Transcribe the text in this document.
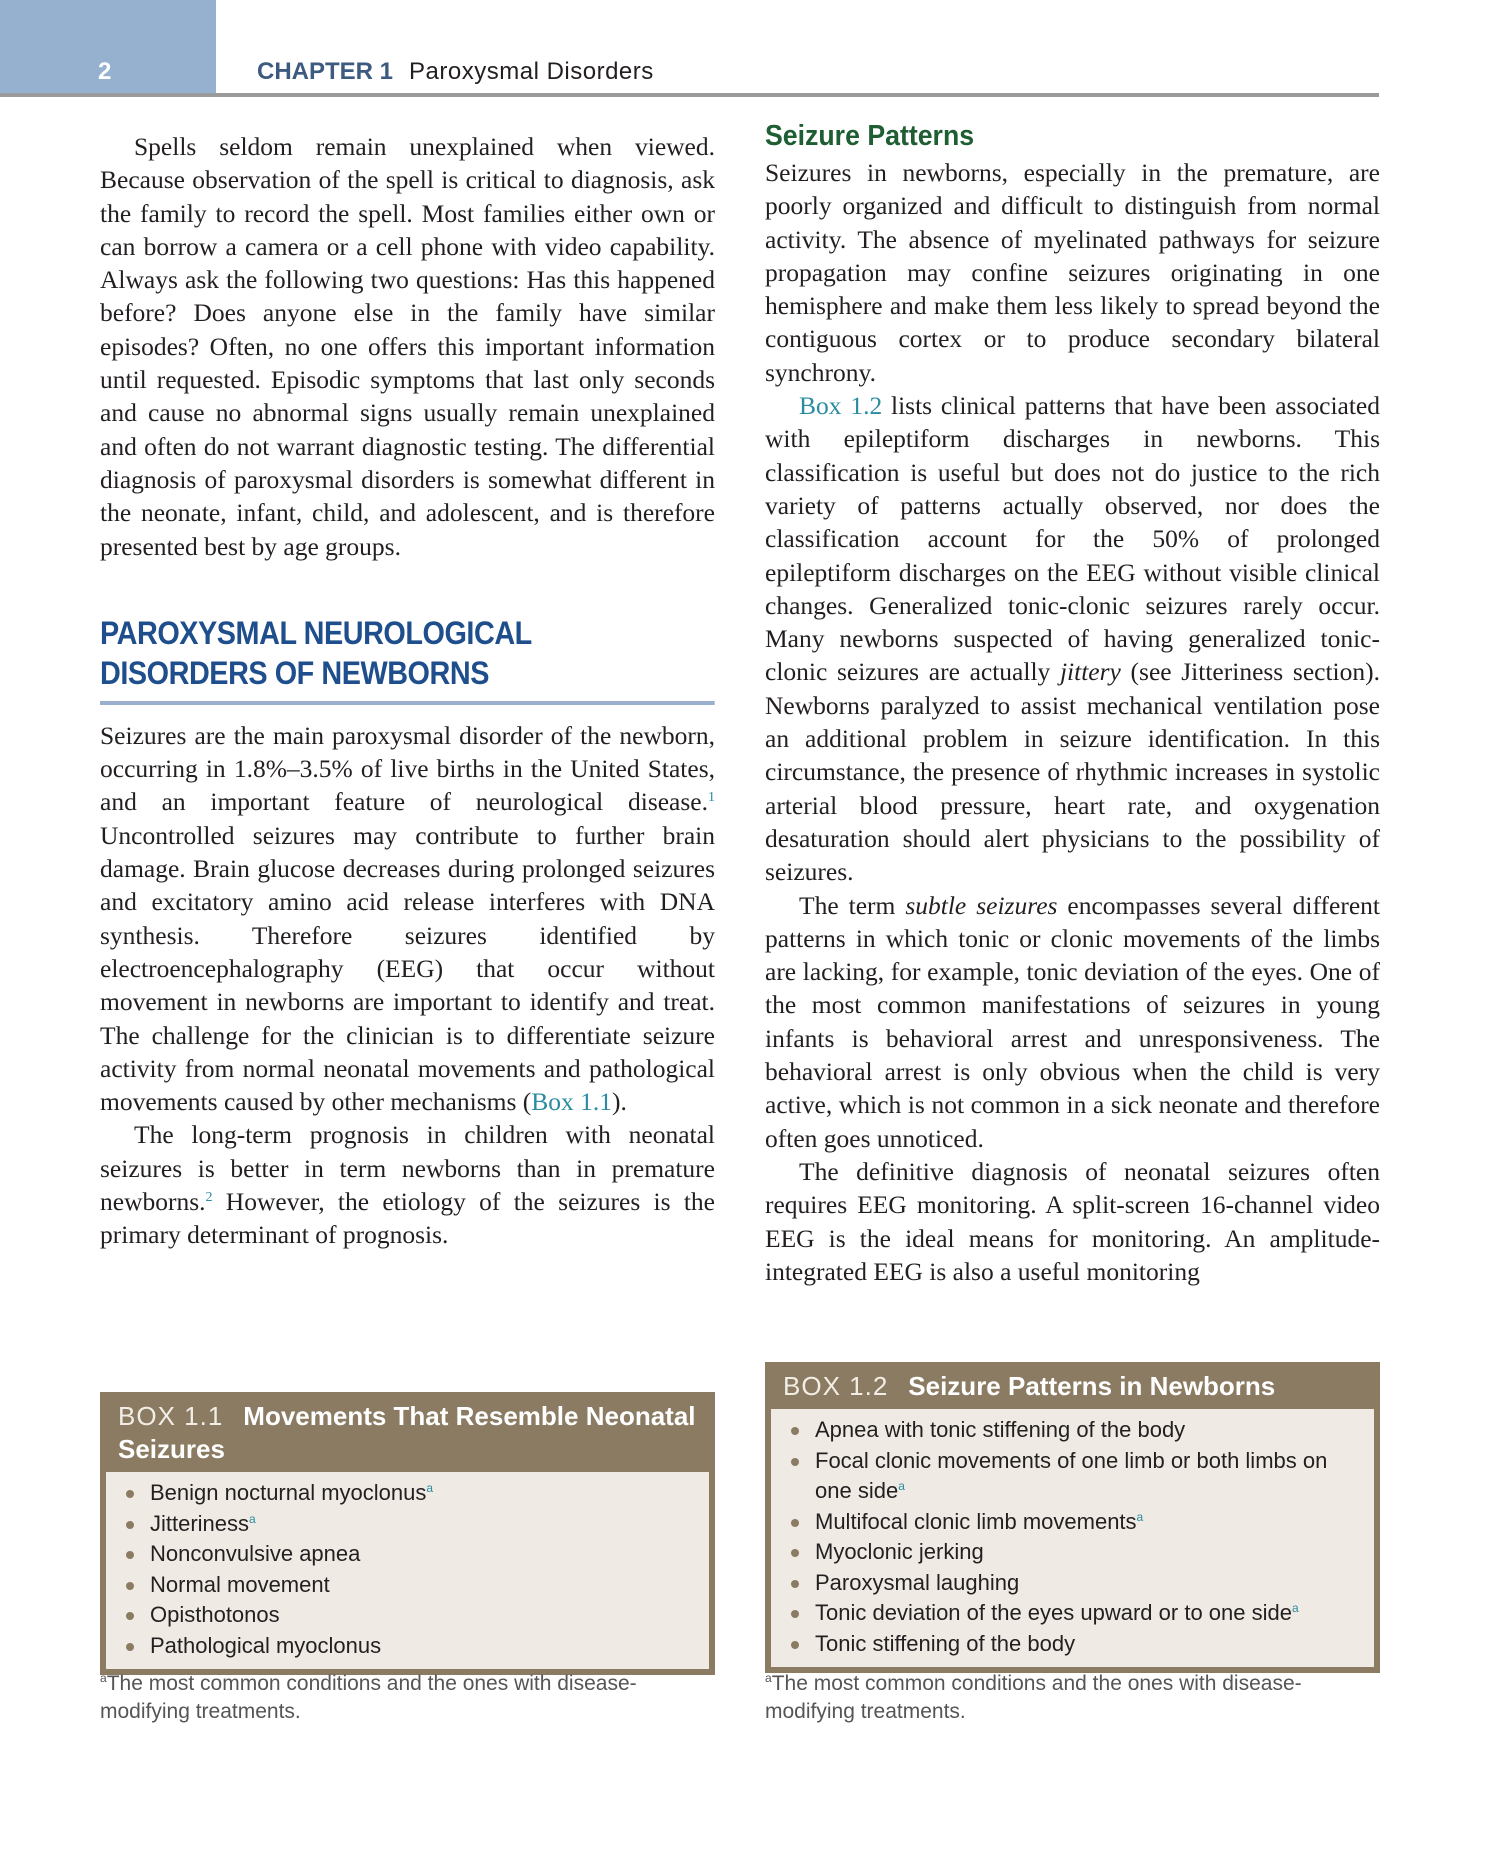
2	CHAPTER 1 Paroxysmal Disorders

Spells seldom remain unexplained when viewed. Because observation of the spell is critical to diagnosis, ask the family to record the spell. Most families either own or can borrow a camera or a cell phone with video capability. Always ask the following two questions: Has this happened before? Does anyone else in the family have similar episodes? Often, no one offers this important information until requested. Episodic symptoms that last only seconds and cause no abnormal signs usually remain unexplained and often do not warrant diagnostic testing. The differential diagnosis of paroxysmal disorders is somewhat different in the neonate, infant, child, and adolescent, and is therefore presented best by age groups.

PAROXYSMAL NEUROLOGICAL
DISORDERS OF NEWBORNS

Seizures are the main paroxysmal disorder of the newborn, occurring in 1.8%–3.5% of live births in the United States, and an important feature of neurological disease.$^1$ Uncontrolled seizures may contribute to further brain damage. Brain glucose decreases during prolonged seizures and excitatory amino acid release interferes with DNA synthesis. Therefore seizures identified by electroencephalography (EEG) that occur without movement in newborns are important to identify and treat. The challenge for the clinician is to differentiate seizure activity from normal neonatal movements and pathological movements caused by other mechanisms (Box 1.1).

The long-term prognosis in children with neonatal seizures is better in term newborns than in premature newborns.$^2$ However, the etiology of the seizures is the primary determinant of prognosis.

Seizure Patterns

Seizures in newborns, especially in the premature, are poorly organized and difficult to distinguish from normal activity. The absence of myelinated pathways for seizure propagation may confine seizures originating in one hemisphere and make them less likely to spread beyond the contiguous cortex or to produce secondary bilateral synchrony.

Box 1.2 lists clinical patterns that have been associated with epileptiform discharges in newborns. This classification is useful but does not do justice to the rich variety of patterns actually observed, nor does the classification account for the 50% of prolonged epileptiform discharges on the EEG without visible clinical changes. Generalized tonic-clonic seizures rarely occur. Many newborns suspected of having generalized tonic-clonic seizures are actually jittery (see Jitteriness section). Newborns paralyzed to assist mechanical ventilation pose an additional problem in seizure identification. In this circumstance, the presence of rhythmic increases in systolic arterial blood pressure, heart rate, and oxygenation desaturation should alert physicians to the possibility of seizures.

The term subtle seizures encompasses several different patterns in which tonic or clonic movements of the limbs are lacking, for example, tonic deviation of the eyes. One of the most common manifestations of seizures in young infants is behavioral arrest and unresponsiveness. The behavioral arrest is only obvious when the child is very active, which is not common in a sick neonate and therefore often goes unnoticed.

The definitive diagnosis of neonatal seizures often requires EEG monitoring. A split-screen 16-channel video EEG is the ideal means for monitoring. An amplitude-integrated EEG is also a useful monitoring

BOX 1.1 Movements That Resemble Neonatal Seizures
Benign nocturnal myoclonus$^a$
Jitteriness$^a$
Nonconvulsive apnea
Normal movement
Opisthotonos
Pathological myoclonus
$^a$The most common conditions and the ones with disease-modifying treatments.
BOX 1.2 Seizure Patterns in Newborns
Apnea with tonic stiffening of the body
Focal clonic movements of one limb or both limbs on one side$^a$
Multifocal clonic limb movements$^a$
Myoclonic jerking
Paroxysmal laughing
Tonic deviation of the eyes upward or to one side$^a$
Tonic stiffening of the body
$^a$The most common conditions and the ones with disease-modifying treatments.
